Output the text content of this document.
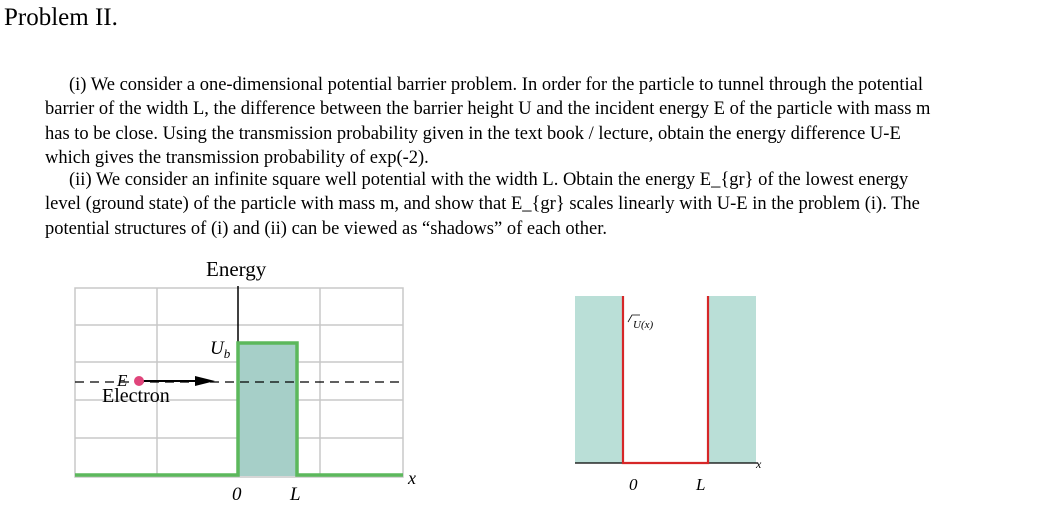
Problem II.

(i) We consider a one-dimensional potential barrier problem. In order for the particle to tunnel through the potential

barrier of the width L, the difference between the barrier height U and the incident energy E of the particle with mass m

has to be close. Using the transmission probability given in the text book / lecture, obtain the energy difference U-E

which gives the transmission probability of exp(-2).

(ii) We consider an infinite square well potential with the width L. Obtain the energy E_{gr} of the lowest energy

level (ground state) of the particle with mass m, and show that E_{gr} scales linearly with U-E in the problem (i). The

potential structures of (i) and (ii) can be viewed as “shadows” of each other.

Energy
$U_b$
E
Electron
x
0	L
U(x)
x
0	L
